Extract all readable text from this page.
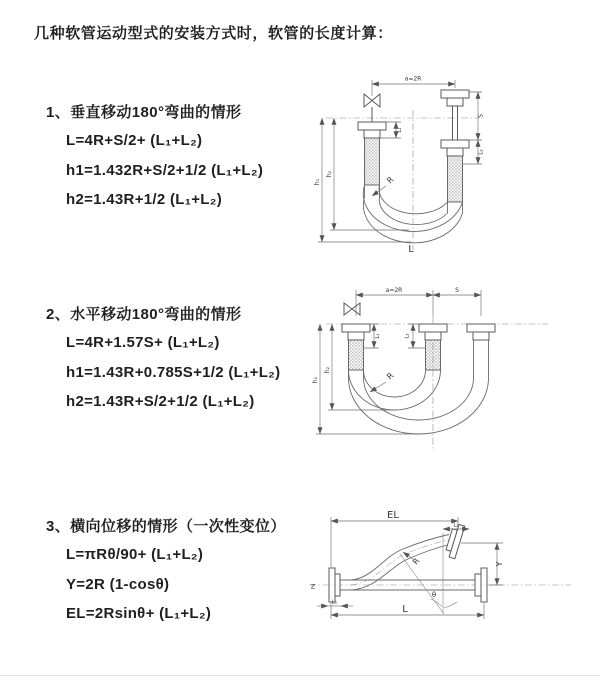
几种软管运动型式的安装方式时，软管的长度计算：
1、垂直移动180°弯曲的情形

L=4R+S/2+ (L₁+L₂)

h1=1.432R+S/2+1/2 (L₁+L₂)

h2=1.43R+1/2 (L₁+L₂)

2、水平移动180°弯曲的情形

L=4R+1.57S+ (L₁+L₂)

h1=1.43R+0.785S+1/2 (L₁+L₂)

h2=1.43R+S/2+1/2 (L₁+L₂)

3、横向位移的情形（一次性变位）

L=πRθ/90+ (L₁+L₂)

Y=2R (1-cosθ)

EL=2Rsinθ+ (L₁+L₂)

a=2R
h₁
h₂
L₁
S
L₂
R
L
a=2R	S
h₁
h₂
L₁	L₂
R
Z
EL
L₂
Y
θ
R
L₁
L
